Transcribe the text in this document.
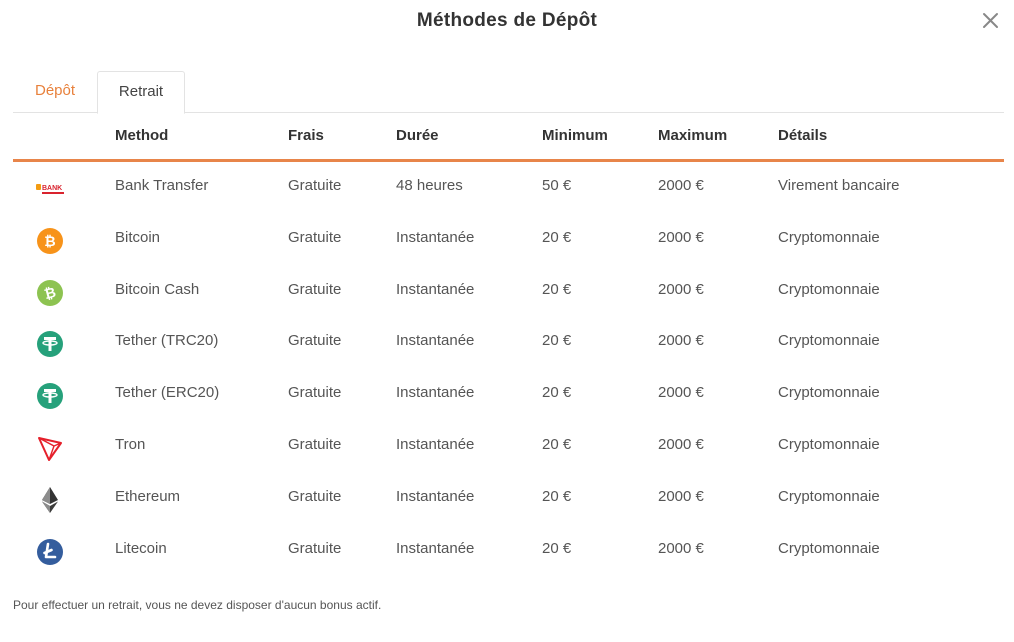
Méthodes de Dépôt
Dépôt	Retrait
Method	Frais	Durée	Minimum	Maximum	Détails
BANK	Bank Transfer	Gratuite	48 heures	50 €	2000 €	Virement bancaire
₿	Bitcoin	Gratuite	Instantanée	20 €	2000 €	Cryptomonnaie
₿	Bitcoin Cash	Gratuite	Instantanée	20 €	2000 €	Cryptomonnaie
Tether (TRC20)	Gratuite	Instantanée	20 €	2000 €	Cryptomonnaie
Tether (ERC20)	Gratuite	Instantanée	20 €	2000 €	Cryptomonnaie
Tron	Gratuite	Instantanée	20 €	2000 €	Cryptomonnaie
Ethereum	Gratuite	Instantanée	20 €	2000 €	Cryptomonnaie
Litecoin	Gratuite	Instantanée	20 €	2000 €	Cryptomonnaie
Pour effectuer un retrait, vous ne devez disposer d'aucun bonus actif.
